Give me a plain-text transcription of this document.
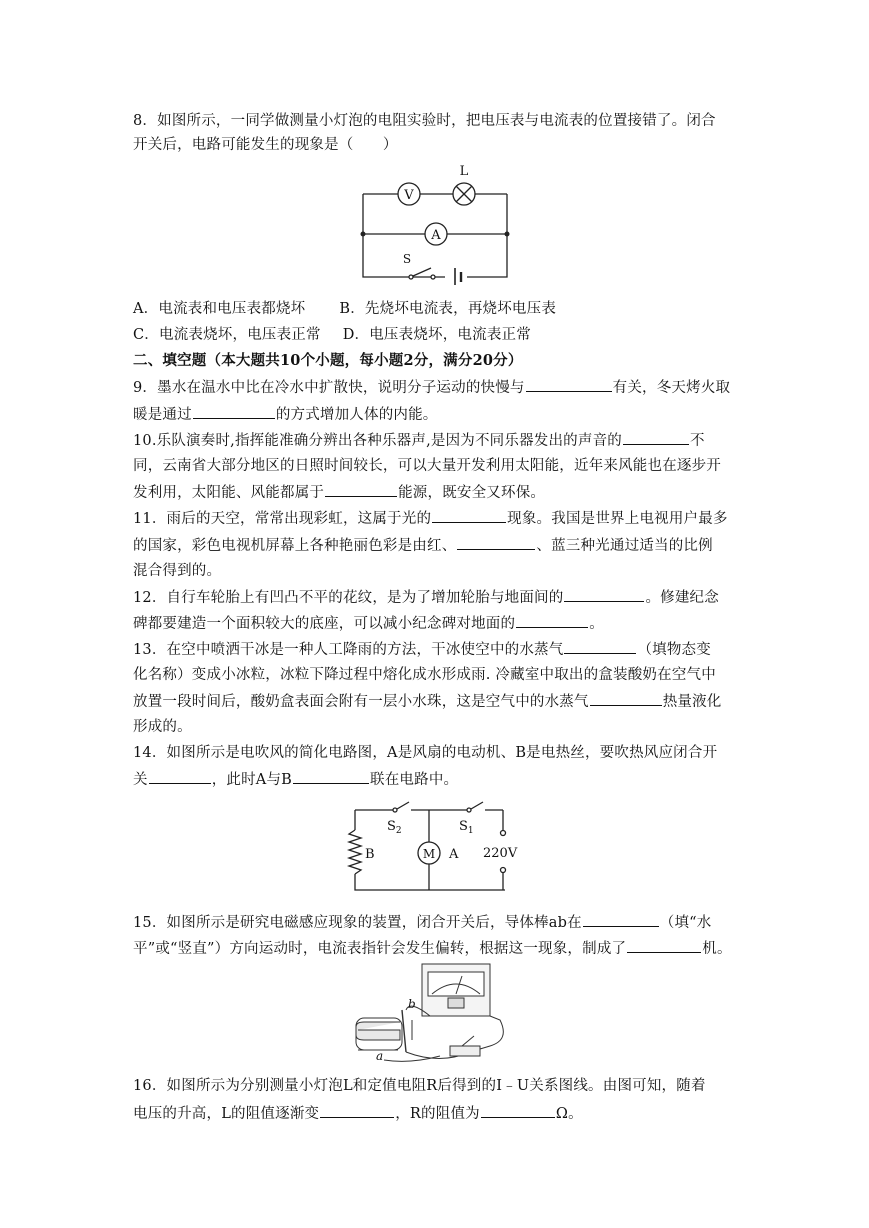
8．如图所示，一同学做测量小灯泡的电阻实验时，把电压表与电流表的位置接错了。闭合
开关后，电路可能发生的现象是（　　）
V
A
L
S
A．电流表和电压表都烧坏 B．先烧坏电流表，再烧坏电压表
C．电流表烧坏，电压表正常 D．电压表烧坏，电流表正常
二、填空题（本大题共10个小题，每小题2分，满分20分）
9．墨水在温水中比在冷水中扩散快，说明分子运动的快慢与	有关，冬天烤火取
暖是通过	的方式增加人体的内能。
10.乐队演奏时,指挥能准确分辨出各种乐器声,是因为不同乐器发出的声音的	不
同，云南省大部分地区的日照时间较长，可以大量开发利用太阳能，近年来风能也在逐步开
发利用，太阳能、风能都属于	能源，既安全又环保。
11．雨后的天空，常常出现彩虹，这属于光的	现象。我国是世界上电视用户最多
的国家，彩色电视机屏幕上各种艳丽色彩是由红、	、蓝三种光通过适当的比例
混合得到的。
12．自行车轮胎上有凹凸不平的花纹，是为了增加轮胎与地面间的	。修建纪念
碑都要建造一个面积较大的底座，可以减小纪念碑对地面的	。
13．在空中喷洒干冰是一种人工降雨的方法，干冰使空中的水蒸气	（填物态变
化名称）变成小冰粒，冰粒下降过程中熔化成水形成雨. 冷藏室中取出的盒装酸奶在空气中
放置一段时间后，酸奶盒表面会附有一层小水珠，这是空气中的水蒸气	热量液化
形成的。
14．如图所示是电吹风的简化电路图，A是风扇的电动机、B是电热丝，要吹热风应闭合开
关	，此时A与B	联在电路中。
$S_2$	$S_1$
B	M A 220V
15．如图所示是研究电磁感应现象的装置，闭合开关后，导体棒ab在	（填“水
平”或“竖直”）方向运动时，电流表指针会发生偏转，根据这一现象，制成了	机。
a
b
16．如图所示为分别测量小灯泡L和定值电阻R后得到的I﹣U关系图线。由图可知，随着
电压的升高，L的阻值逐渐变	，R的阻值为	Ω。
